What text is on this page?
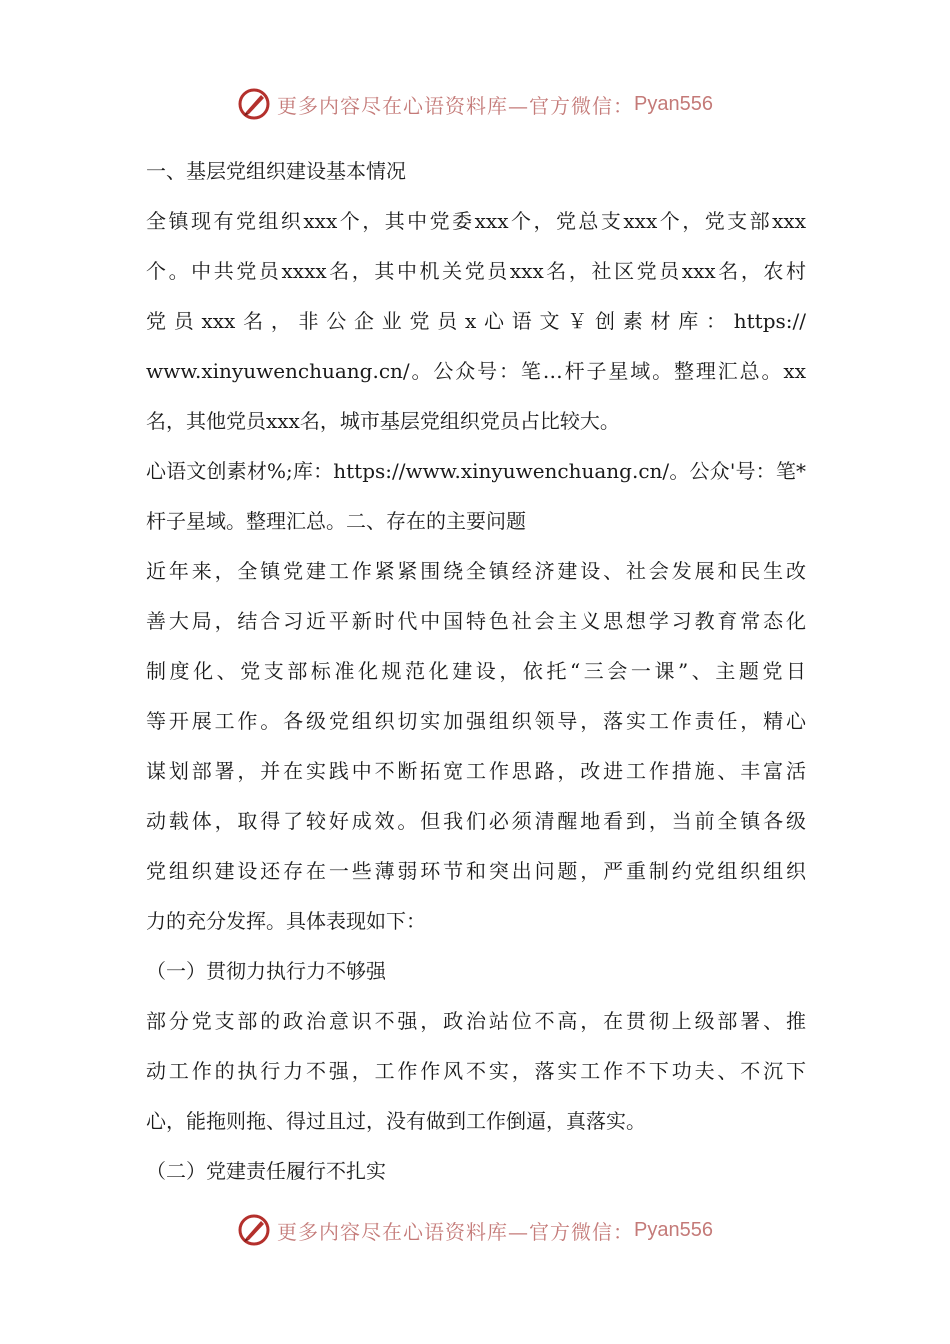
更多内容尽在心语资料库—官方微信： Pyan556
一、基层党组织建设基本情况
全镇现有党组织xxx个，其中党委xxx个，党总支xxx个，党支部xxx
个。中共党员xxxx名，其中机关党员xxx名，社区党员xxx名，农村
党员xxx名，非公企业党员x心语文￥创素材库：https://
www.xinyuwenchuang.cn/。公众号：笔…杆子星域。整理汇总。xx
名，其他党员xxx名，城市基层党组织党员占比较大。
心语文创素材%;库：https://www.xinyuwenchuang.cn/。公众'号：笔*
杆子星域。整理汇总。二、存在的主要问题
近年来，全镇党建工作紧紧围绕全镇经济建设、社会发展和民生改
善大局，结合习近平新时代中国特色社会主义思想学习教育常态化
制度化、党支部标准化规范化建设，依托“三会一课”、主题党日
等开展工作。各级党组织切实加强组织领导，落实工作责任，精心
谋划部署，并在实践中不断拓宽工作思路，改进工作措施、丰富活
动载体，取得了较好成效。但我们必须清醒地看到，当前全镇各级
党组织建设还存在一些薄弱环节和突出问题，严重制约党组织组织
力的充分发挥。具体表现如下：
（一）贯彻力执行力不够强
部分党支部的政治意识不强，政治站位不高，在贯彻上级部署、推
动工作的执行力不强，工作作风不实，落实工作不下功夫、不沉下
心，能拖则拖、得过且过，没有做到工作倒逼，真落实。
（二）党建责任履行不扎实
更多内容尽在心语资料库—官方微信： Pyan556
